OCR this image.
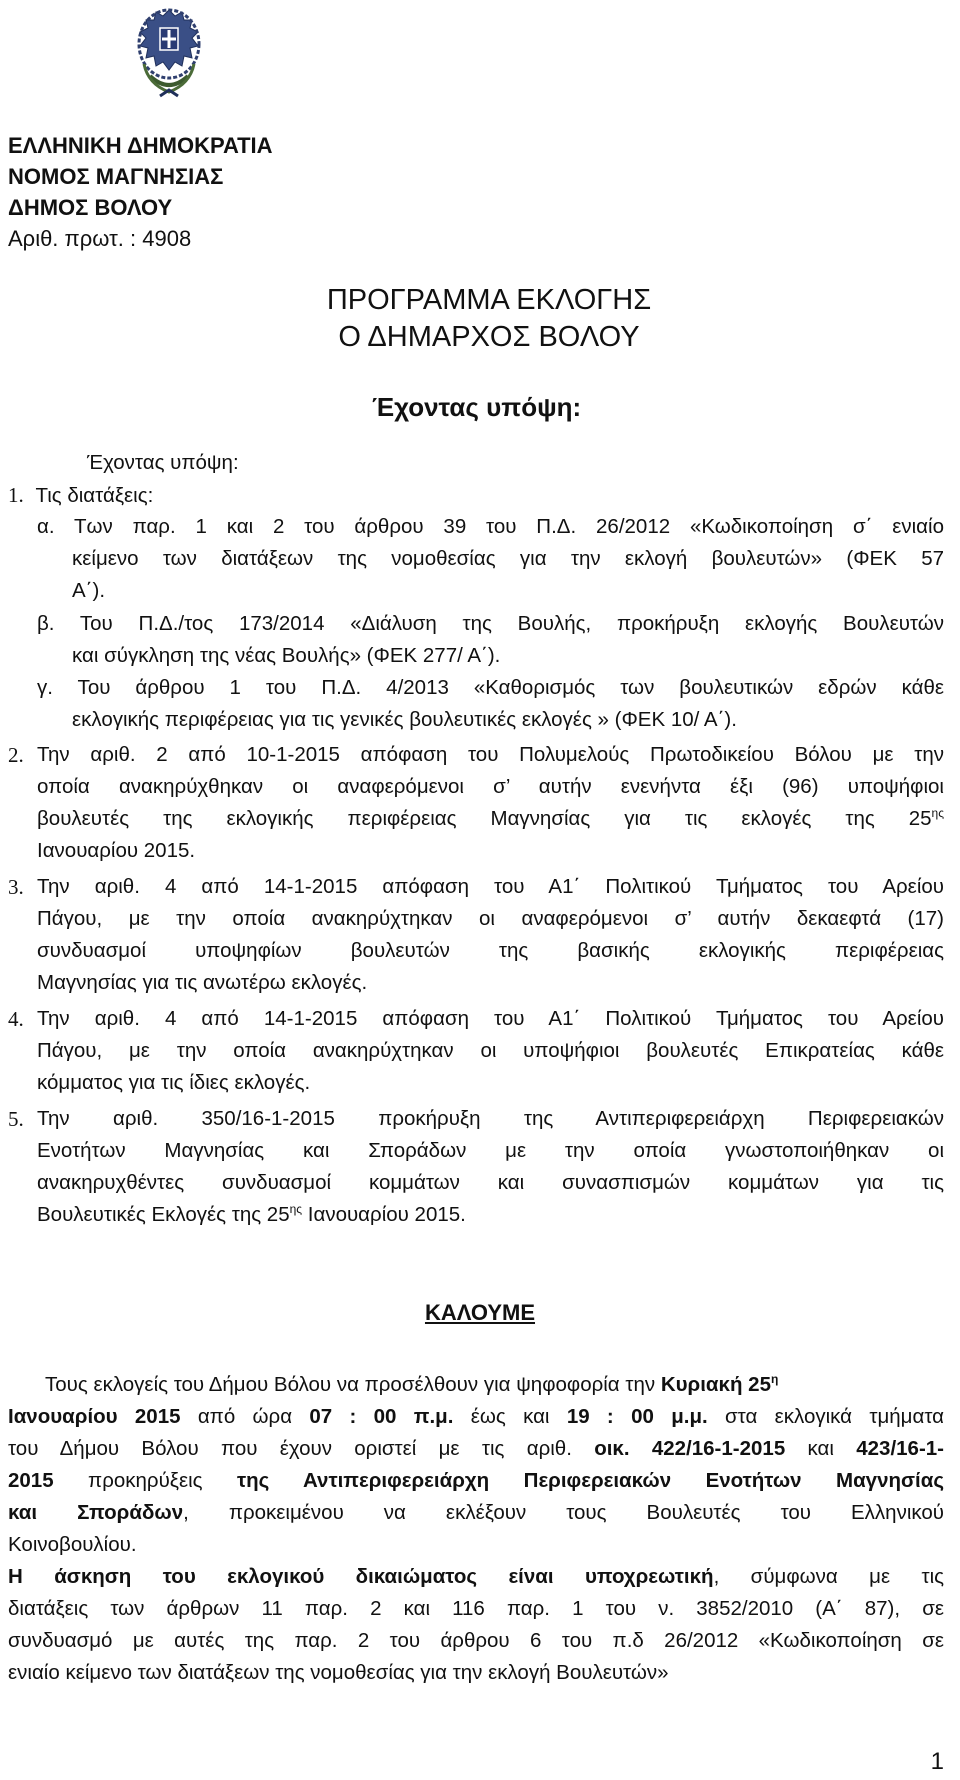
ΕΛΛΗΝΙΚΗ ΔΗΜΟΚΡΑΤΙΑ
ΝΟΜΟΣ ΜΑΓΝΗΣΙΑΣ
ΔΗΜΟΣ ΒΟΛΟΥ
Αριθ. πρωτ. : 4908
ΠΡΟΓΡΑΜΜΑ ΕΚΛΟΓΗΣ
Ο ΔΗΜΑΡΧΟΣ ΒΟΛΟΥ
Έχοντας υπόψη:
Έχοντας υπόψη:
1. Τις διατάξεις:
α. Των παρ. 1 και 2 του άρθρου 39 του Π.Δ. 26/2012 «Κωδικοποίηση σ΄ ενιαίο
κείμενο των διατάξεων της νομοθεσίας για την εκλογή βουλευτών» (ΦΕΚ 57
Α΄).
β. Του Π.Δ./τος 173/2014 «Διάλυση της Βουλής, προκήρυξη εκλογής Βουλευτών
και σύγκληση της νέας Βουλής» (ΦΕΚ 277/ Α΄).
γ. Του άρθρου 1 του Π.Δ. 4/2013 «Καθορισμός των βουλευτικών εδρών κάθε
εκλογικής περιφέρειας για τις γενικές βουλευτικές εκλογές » (ΦΕΚ 10/ Α΄).
2. Την αριθ. 2 από 10-1-2015 απόφαση του Πολυμελούς Πρωτοδικείου Βόλου με την
οποία ανακηρύχθηκαν οι αναφερόμενοι σ’ αυτήν ενενήντα έξι (96) υποψήφιοι
βουλευτές της εκλογικής περιφέρειας Μαγνησίας για τις εκλογές της $25^{\eta\varsigma}$
Ιανουαρίου 2015.
3. Την αριθ. 4 από 14-1-2015 απόφαση του Α1΄ Πολιτικού Τμήματος του Αρείου
Πάγου, με την οποία ανακηρύχτηκαν οι αναφερόμενοι σ’ αυτήν δεκαεφτά (17)
συνδυασμοί υποψηφίων βουλευτών της βασικής εκλογικής περιφέρειας
Μαγνησίας για τις ανωτέρω εκλογές.
4. Την αριθ. 4 από 14-1-2015 απόφαση του Α1΄ Πολιτικού Τμήματος του Αρείου
Πάγου, με την οποία ανακηρύχτηκαν οι υποψήφιοι βουλευτές Επικρατείας κάθε
κόμματος για τις ίδιες εκλογές.
5. Την αριθ. 350/16-1-2015 προκήρυξη της Αντιπεριφερειάρχη Περιφερειακών
Ενοτήτων Μαγνησίας και Σποράδων με την οποία γνωστοποιήθηκαν οι
ανακηρυχθέντες συνδυασμοί κομμάτων και συνασπισμών κομμάτων για τις
Βουλευτικές Εκλογές της $25^{\eta\varsigma}$ Ιανουαρίου 2015.
ΚΑΛΟΥΜΕ
Τους εκλογείς του Δήμου Βόλου να προσέλθουν για ψηφοφορία την Κυριακή $25^\eta$
Ιανουαρίου 2015 από ώρα 07 : 00 π.μ. έως και 19 : 00 μ.μ. στα εκλογικά τμήματα
του Δήμου Βόλου που έχουν οριστεί με τις αριθ. οικ. 422/16-1-2015 και 423/16-1-
2015 προκηρύξεις της Αντιπεριφερειάρχη Περιφερειακών Ενοτήτων Μαγνησίας
και Σποράδων, προκειμένου να εκλέξουν τους Βουλευτές του Ελληνικού
Κοινοβουλίου.
Η άσκηση του εκλογικού δικαιώματος είναι υποχρεωτική, σύμφωνα με τις
διατάξεις των άρθρων 11 παρ. 2 και 116 παρ. 1 του ν. 3852/2010 (Α΄ 87), σε
συνδυασμό με αυτές της παρ. 2 του άρθρου 6 του π.δ 26/2012 «Κωδικοποίηση σε
ενιαίο κείμενο των διατάξεων της νομοθεσίας για την εκλογή Βουλευτών»
1
